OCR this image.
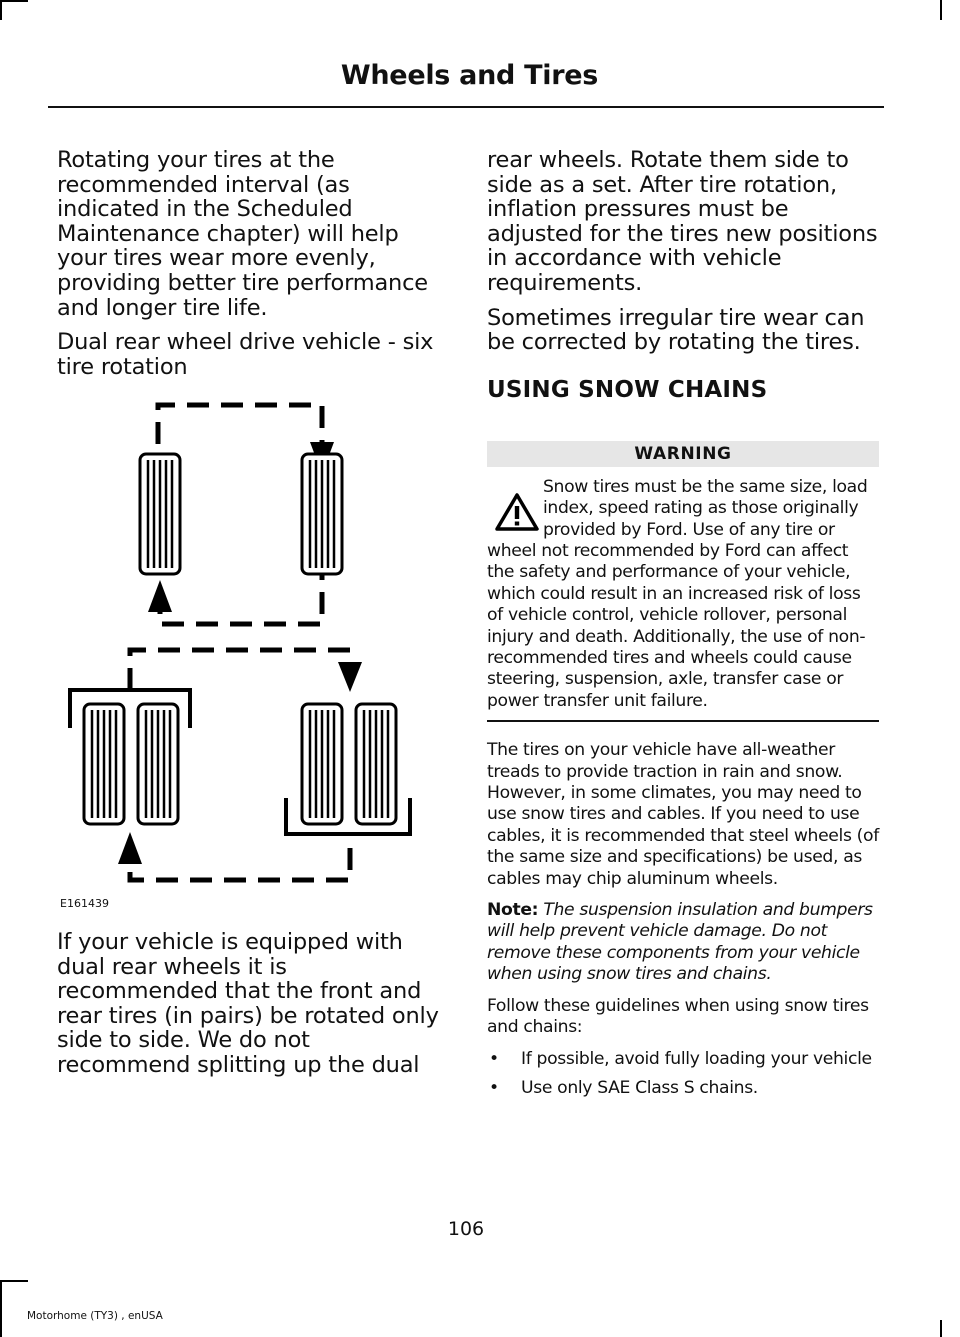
Wheels and Tires

Rotating your tires at the recommended interval (as indicated in the Scheduled Maintenance chapter) will help your tires wear more evenly, providing better tire performance and longer tire life.

Dual rear wheel drive vehicle - six tire rotation

E161439

If your vehicle is equipped with dual rear wheels it is recommended that the front and rear tires (in pairs) be rotated only side to side. We do not recommend splitting up the dual

rear wheels. Rotate them side to side as a set. After tire rotation, inflation pressures must be adjusted for the tires new positions in accordance with vehicle requirements.

Sometimes irregular tire wear can be corrected by rotating the tires.

USING SNOW CHAINS
WARNING

Snow tires must be the same size, load index, speed rating as those originally provided by Ford. Use of any tire or wheel not recommended by Ford can affect the safety and performance of your vehicle, which could result in an increased risk of loss of vehicle control, vehicle rollover, personal injury and death. Additionally, the use of non-recommended tires and wheels could cause steering, suspension, axle, transfer case or power transfer unit failure.

The tires on your vehicle have all-weather treads to provide traction in rain and snow. However, in some climates, you may need to use snow tires and cables. If you need to use cables, it is recommended that steel wheels (of the same size and specifications) be used, as cables may chip aluminum wheels.

Note: The suspension insulation and bumpers will help prevent vehicle damage. Do not remove these components from your vehicle when using snow tires and chains.

Follow these guidelines when using snow tires and chains:

• If possible, avoid fully loading your vehicle
• Use only SAE Class S chains.
106
Motorhome (TY3) , enUSA
